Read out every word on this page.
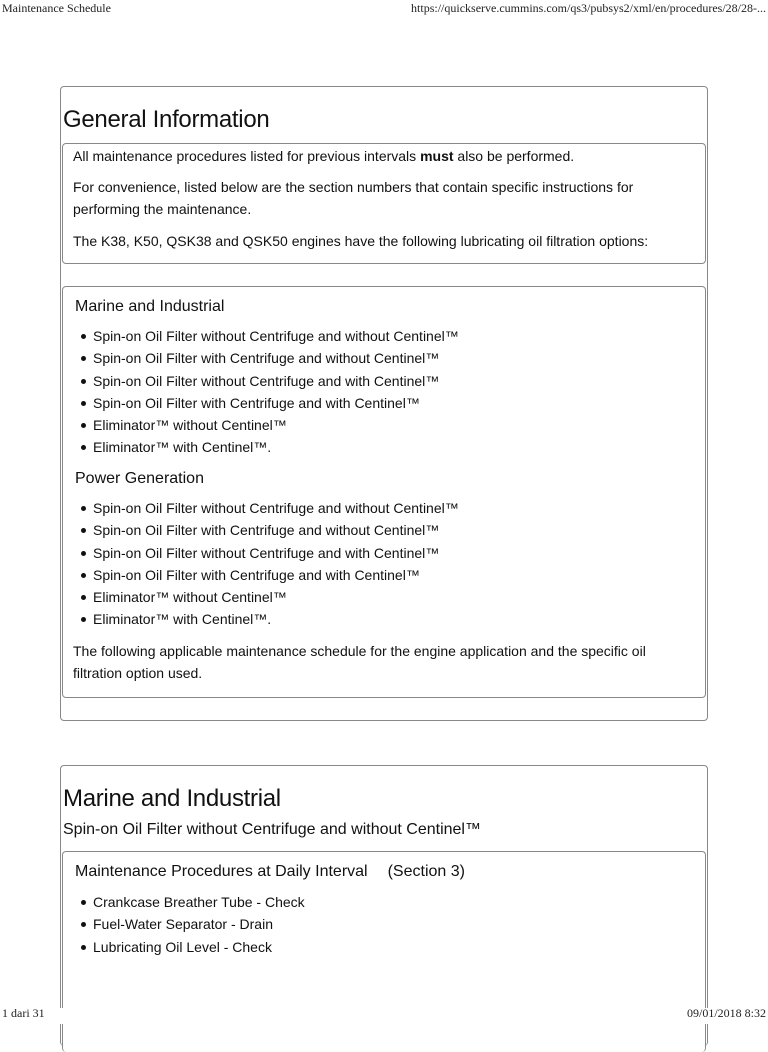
Maintenance Schedule	https://quickserve.cummins.com/qs3/pubsys2/xml/en/procedures/28/28-...
General Information

All maintenance procedures listed for previous intervals must also be performed.

For convenience, listed below are the section numbers that contain specific instructions for performing the maintenance.

The K38, K50, QSK38 and QSK50 engines have the following lubricating oil filtration options:

Marine and Industrial
Spin-on Oil Filter without Centrifuge and without Centinel™
Spin-on Oil Filter with Centrifuge and without Centinel™
Spin-on Oil Filter without Centrifuge and with Centinel™
Spin-on Oil Filter with Centrifuge and with Centinel™
Eliminator™ without Centinel™
Eliminator™ with Centinel™.
Power Generation
Spin-on Oil Filter without Centrifuge and without Centinel™
Spin-on Oil Filter with Centrifuge and without Centinel™
Spin-on Oil Filter without Centrifuge and with Centinel™
Spin-on Oil Filter with Centrifuge and with Centinel™
Eliminator™ without Centinel™
Eliminator™ with Centinel™.

The following applicable maintenance schedule for the engine application and the specific oil filtration option used.

Marine and Industrial
Spin-on Oil Filter without Centrifuge and without Centinel™
Maintenance Procedures at Daily Interval (Section 3)
Crankcase Breather Tube - Check
Fuel-Water Separator - Drain
Lubricating Oil Level - Check
1 dari 31	09/01/2018 8:32
